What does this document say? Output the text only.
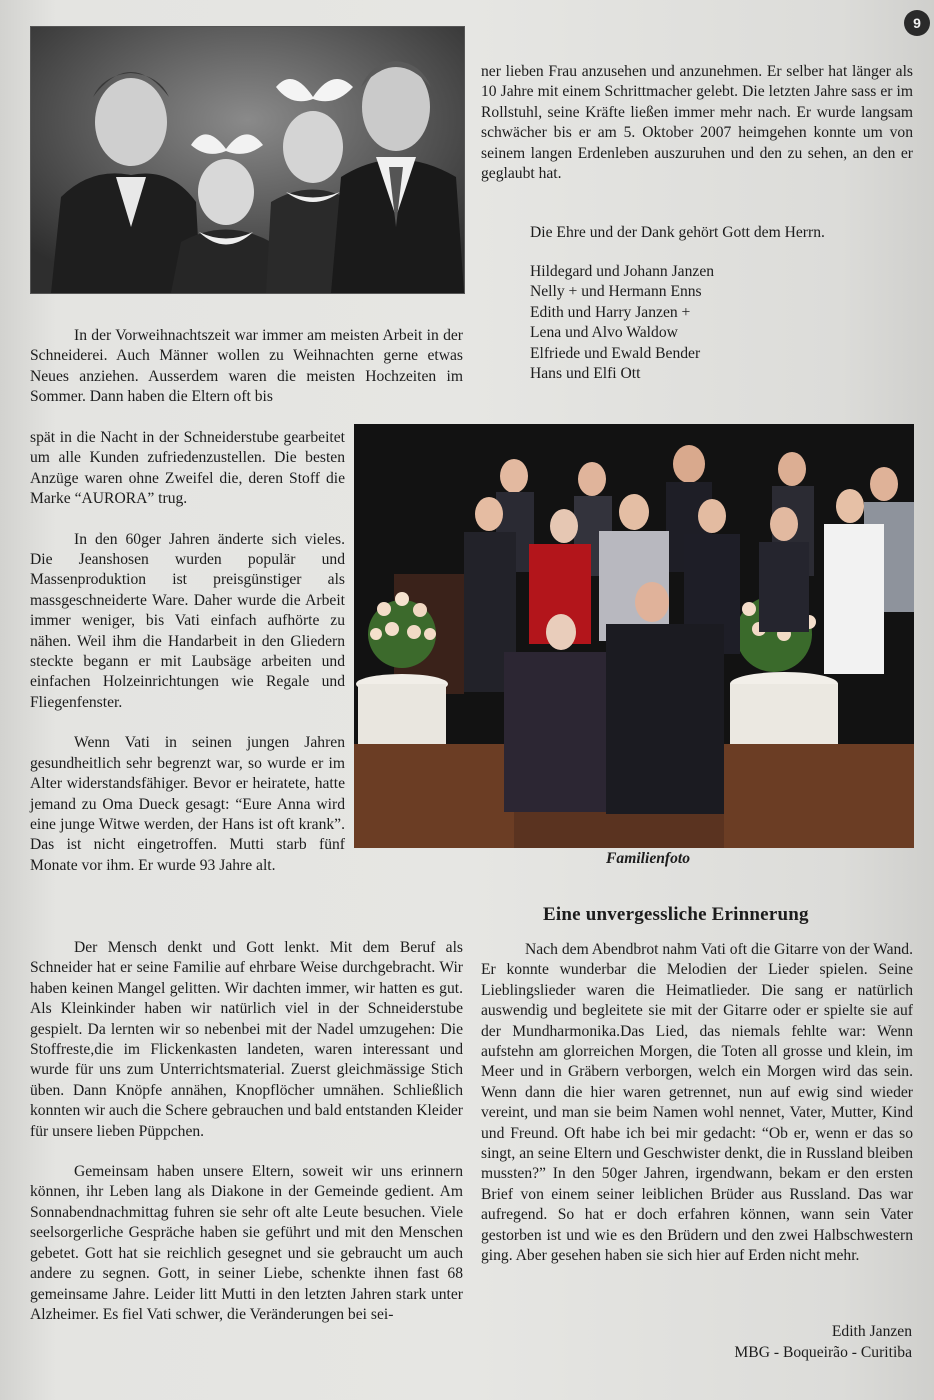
9

In der Vorweihnachtszeit war immer am meisten Arbeit in der Schneiderei. Auch Männer wollen zu Weihnachten gerne etwas Neues anziehen. Ausserdem waren die meisten Hochzeiten im Sommer. Dann haben die Eltern oft bis

spät in die Nacht in der Schneiderstube gearbeitet um alle Kunden zufriedenzustellen. Die besten Anzüge waren ohne Zweifel die, deren Stoff die Marke “AURORA” trug.

In den 60ger Jahren änderte sich vieles. Die Jeanshosen wurden populär und Massenproduktion ist preisgünstiger als massgeschneiderte Ware. Daher wurde die Arbeit immer weniger, bis Vati einfach aufhörte zu nähen. Weil ihm die Handarbeit in den Gliedern steckte begann er mit Laubsäge arbeiten und einfachen Holzeinrichtungen wie Regale und Fliegenfenster.

Wenn Vati in seinen jungen Jahren gesundheitlich sehr begrenzt war, so wurde er im Alter widerstandsfähiger. Bevor er heiratete, hatte jemand zu Oma Dueck gesagt: “Eure Anna wird eine junge Witwe werden, der Hans ist oft krank”. Das ist nicht eingetroffen. Mutti starb fünf Monate vor ihm. Er wurde 93 Jahre alt.

Der Mensch denkt und Gott lenkt. Mit dem Beruf als Schneider hat er seine Familie auf ehrbare Weise durchgebracht. Wir haben keinen Mangel gelitten. Wir dachten immer, wir hatten es gut. Als Kleinkinder haben wir natürlich viel in der Schneiderstube gespielt. Da lernten wir so nebenbei mit der Nadel umzugehen: Die Stoffreste,die im Flickenkasten landeten, waren interessant und wurde für uns zum Unterrichtsmaterial. Zuerst gleichmässige Stich üben. Dann Knöpfe annähen, Knopflöcher umnähen. Schließlich konnten wir auch die Schere gebrauchen und bald entstanden Kleider für unsere lieben Püppchen.

Gemeinsam haben unsere Eltern, soweit wir uns erinnern können, ihr Leben lang als Diakone in der Gemeinde gedient. Am Sonnabendnachmittag fuhren sie sehr oft alte Leute besuchen. Viele seelsorgerliche Gespräche haben sie geführt und mit den Menschen gebetet. Gott hat sie reichlich gesegnet und sie gebraucht um auch andere zu segnen. Gott, in seiner Liebe, schenkte ihnen fast 68 gemeinsame Jahre. Leider litt Mutti in den letzten Jahren stark unter Alzheimer. Es fiel Vati schwer, die Veränderungen bei sei-

ner lieben Frau anzusehen und anzunehmen. Er selber hat länger als 10 Jahre mit einem Schrittmacher gelebt. Die letzten Jahre sass er im Rollstuhl, seine Kräfte ließen immer mehr nach. Er wurde langsam schwächer bis er am 5. Oktober 2007 heimgehen konnte um von seinem langen Erdenleben auszuruhen und den zu sehen, an den er geglaubt hat.

Die Ehre und der Dank gehört Gott dem Herrn.
Hildegard und Johann Janzen
Nelly + und Hermann Enns
Edith und Harry Janzen +
Lena und Alvo Waldow
Elfriede und Ewald Bender
Hans und Elfi Ott
Familienfoto
Eine unvergessliche Erinnerung

Nach dem Abendbrot nahm Vati oft die Gitarre von der Wand. Er konnte wunderbar die Melodien der Lieder spielen. Seine Lieblingslieder waren die Heimatlieder. Die sang er natürlich auswendig und begleitete sie mit der Gitarre oder er spielte sie auf der Mundharmonika.Das Lied, das niemals fehlte war: Wenn aufstehn am glorreichen Morgen, die Toten all grosse und klein, im Meer und in Gräbern verborgen, welch ein Morgen wird das sein. Wenn dann die hier waren getrennet, nun auf ewig sind wieder vereint, und man sie beim Namen wohl nennet, Vater, Mutter, Kind und Freund. Oft habe ich bei mir gedacht: “Ob er, wenn er das so singt, an seine Eltern und Geschwister denkt, die in Russland bleiben mussten?” In den 50ger Jahren, irgendwann, bekam er den ersten Brief von einem seiner leiblichen Brüder aus Russland. Das war aufregend. So hat er doch erfahren können, wann sein Vater gestorben ist und wie es den Brüdern und den zwei Halbschwestern ging. Aber gesehen haben sie sich hier auf Erden nicht mehr.

Edith Janzen
MBG - Boqueirão - Curitiba
